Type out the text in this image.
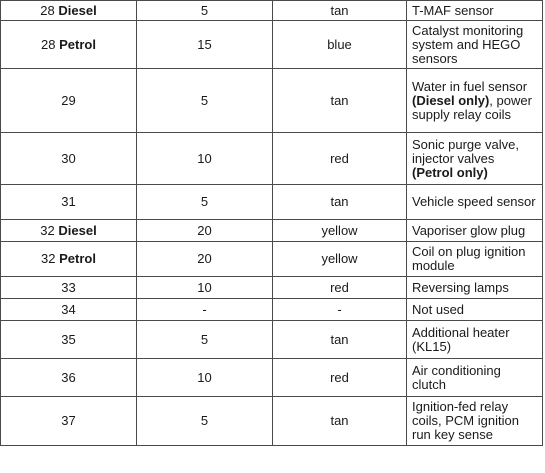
28 Diesel	5	tan	T-MAF sensor
28 Petrol	15	blue	Catalyst monitoring system and HEGO sensors
29	5	tan	Water in fuel sensor (Diesel only), power supply relay coils
30	10	red	Sonic purge valve, injector valves (Petrol only)
31	5	tan	Vehicle speed sensor
32 Diesel	20	yellow	Vaporiser glow plug
32 Petrol	20	yellow	Coil on plug ignition module
33	10	red	Reversing lamps
34	-	-	Not used
35	5	tan	Additional heater (KL15)
36	10	red	Air conditioning clutch
37	5	tan	Ignition-fed relay coils, PCM ignition run key sense
